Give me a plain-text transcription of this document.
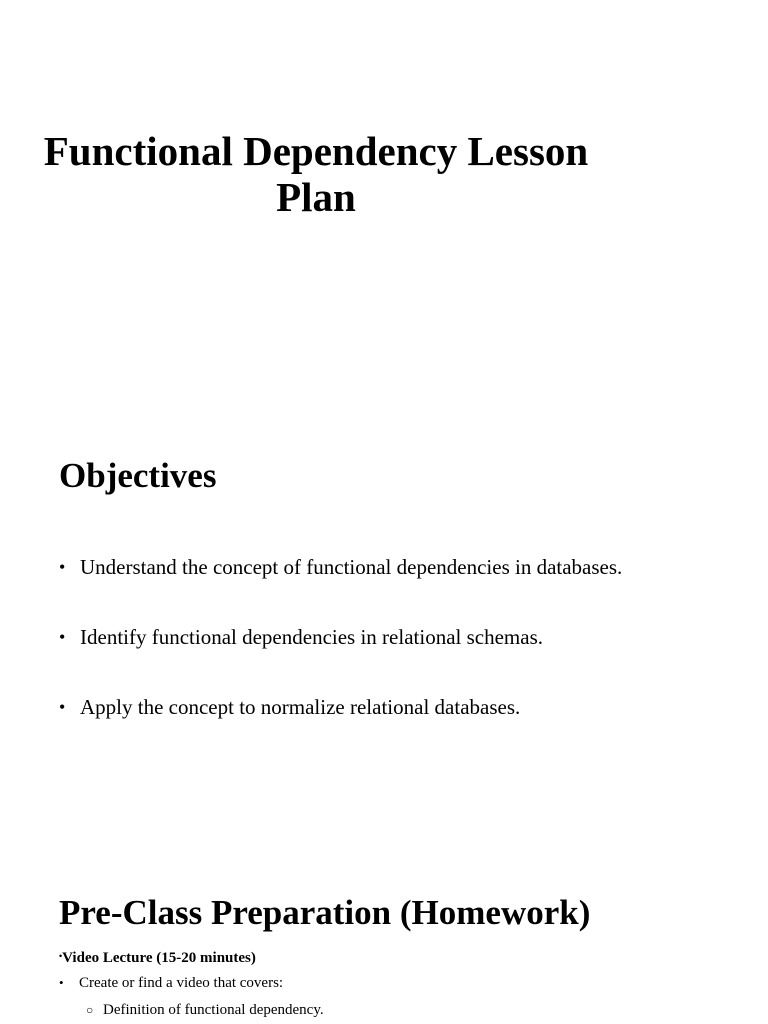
Functional Dependency Lesson Plan
Objectives
• Understand the concept of functional dependencies in databases.
• Identify functional dependencies in relational schemas.
• Apply the concept to normalize relational databases.
Pre-Class Preparation (Homework)

•Video Lecture (15-20 minutes)

• Create or find a video that covers:
○ Definition of functional dependency.
